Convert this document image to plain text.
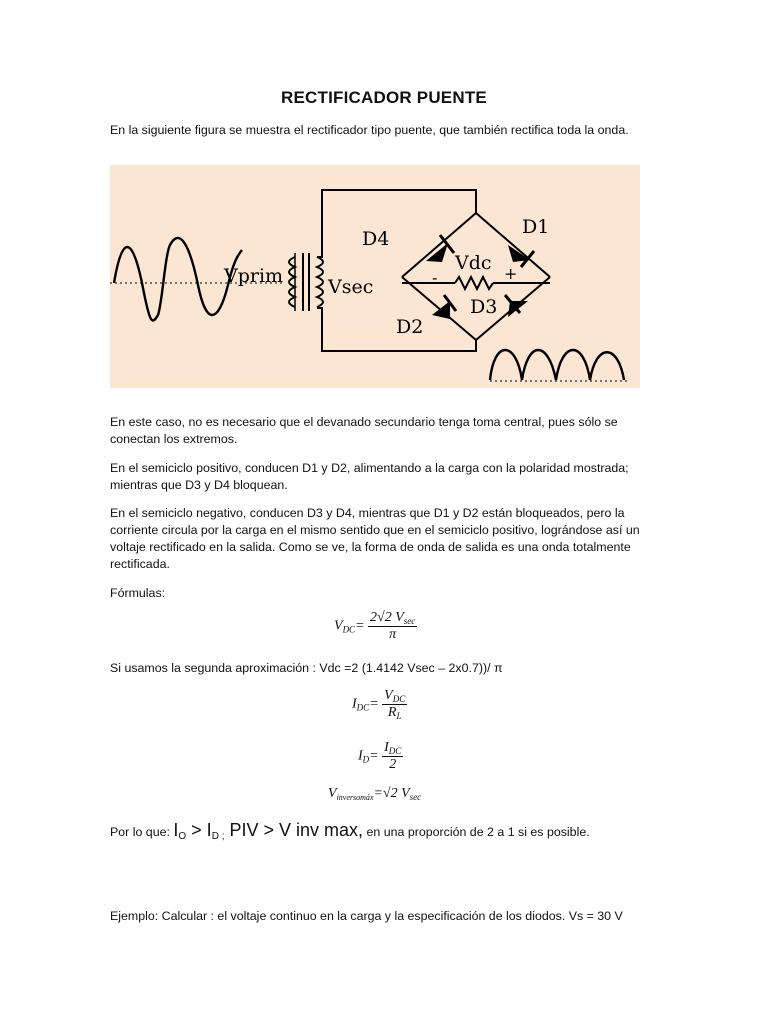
RECTIFICADOR PUENTE
En la siguiente figura se muestra el rectificador tipo puente, que también rectifica toda la onda.
D4
D1
D2
D3
Vdc
-	+
Vprim Vsec
En este caso, no es necesario que el devanado secundario tenga toma central, pues sólo se conectan los extremos.
En el semiciclo positivo, conducen D1 y D2, alimentando a la carga con la polaridad mostrada; mientras que D3 y D4 bloquean.
En el semiciclo negativo, conducen D3 y D4, mientras que D1 y D2 están bloqueados, pero la corriente circula por la carga en el mismo sentido que en el semiciclo positivo, lográndose así un voltaje rectificado en la salida. Como se ve, la forma de onda de salida es una onda totalmente rectificada.
Fórmulas:
$V_{DC}= \frac{2√2 V_{sec}}{\pi}$
Si usamos la segunda aproximación : Vdc =2 (1.4142 Vsec – 2x0.7))/ π
$I_{DC}= \frac{V_{DC}}{R_L}$
$I_D= \frac{I_{DC}}{2}$
$V_{inversomáx}=√2$ $V_{sec}$
Por lo que: $I_O > I_{D ;}$ PIV > V inv max, en una proporción de 2 a 1 si es posible.
Ejemplo: Calcular : el voltaje continuo en la carga y la especificación de los diodos. Vs = 30 V
